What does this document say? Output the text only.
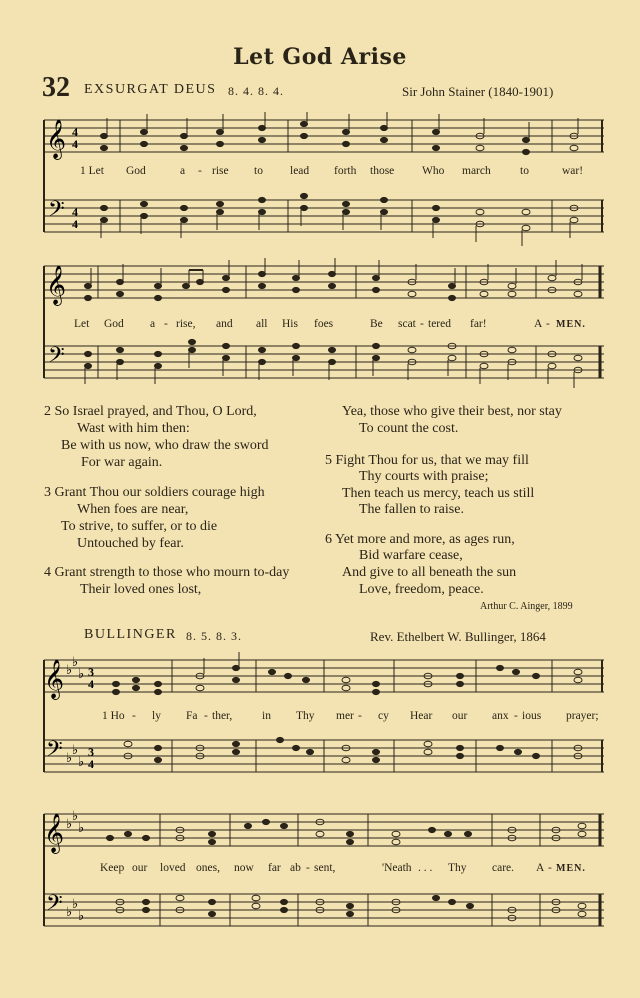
Let God Arise
32 EXSURGAT DEUS 8. 4. 8. 4.	Sir John Stainer (1840-1901)
𝄞
𝄢
4
4
4
4
1 Let God	a - rise to lead forth those Who march	to	war!
𝄞
𝄢
Let God a - rise, and all His foes	Be scat - tered far!	A - MEN.
2 So Israel prayed, and Thou, O Lord,
Wast with him then:
Be with us now, who draw the sword
For war again.
3 Grant Thou our soldiers courage high
When foes are near,
To strive, to suffer, or to die
Untouched by fear.
4 Grant strength to those who mourn to-day
Their loved ones lost,
Yea, those who give their best, nor stay
To count the cost.
5 Fight Thou for us, that we may fill
Thy courts with praise;
Then teach us mercy, teach us still
The fallen to raise.
6 Yet more and more, as ages run,
Bid warfare cease,
And give to all beneath the sun
Love, freedom, peace.
Arthur C. Ainger, 1899
BULLINGER 8. 5. 8. 3.	Rev. Ethelbert W. Bullinger, 1864
𝄞
𝄢
♭
♭
♭
♭
♭
♭
3
4
3
4
1 Ho - ly Fa - ther,	in Thy mer - cy Hear our anx - ious prayer;
𝄞
𝄢
♭
♭
♭
♭
♭
♭
Keep our loved ones, now far ab - sent,	'Neath . . . Thy care. A - MEN.
